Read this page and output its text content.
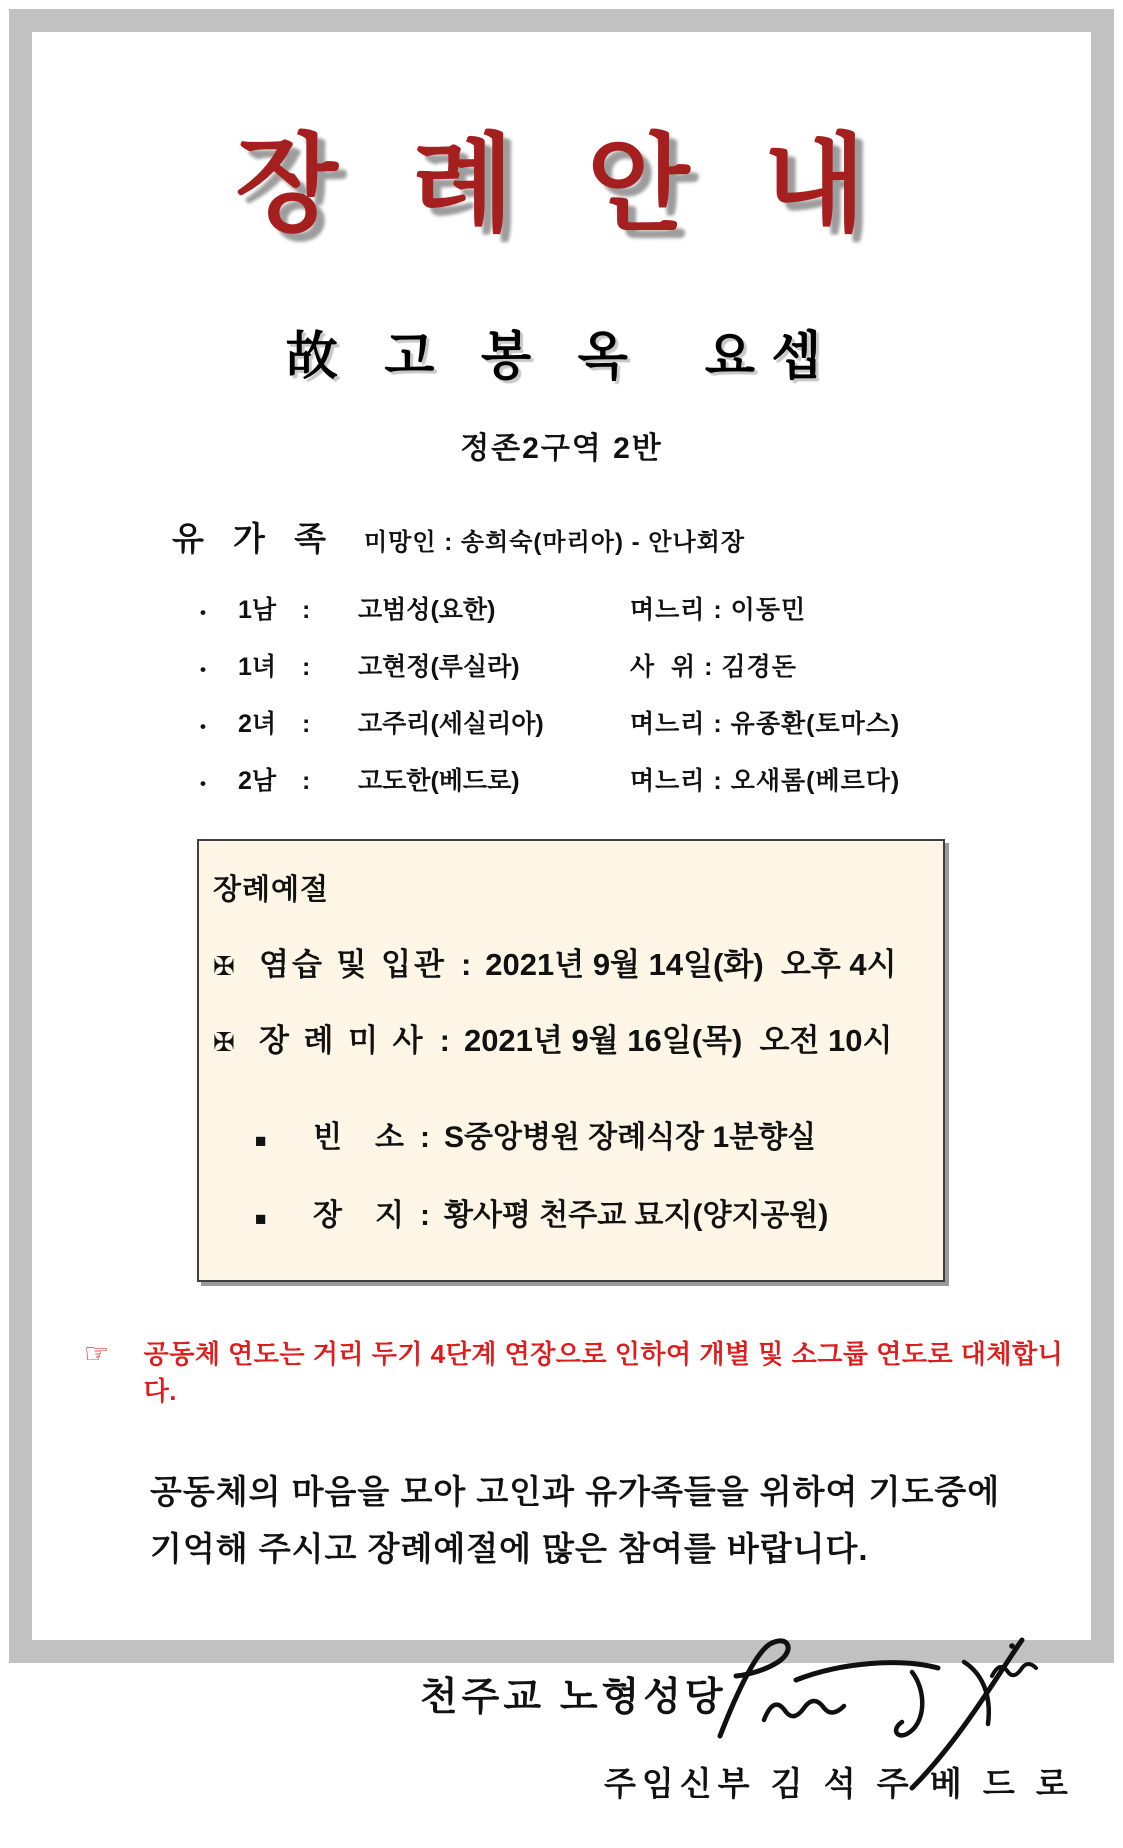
장 례 안 내
故 고 봉 옥  요셉
정존2구역 2반
유 가 족 미망인 : 송희숙(마리아) - 안나회장
•	1남	:	고범성(요한)	며느리 : 이동민
•	1녀	:	고현정(루실라)	사  위 : 김경돈
•	2녀	:	고주리(세실리아)	며느리 : 유종환(토마스)
•	2남	:	고도한(베드로)	며느리 : 오새롬(베르다)
장례예절
✠ 염습 및 입관 : 2021년 9월 14일(화)  오후 4시
✠ 장 례 미 사 : 2021년 9월 16일(목)  오전 10시
■	빈   소 : S중앙병원 장례식장 1분향실
■	장   지 : 황사평 천주교 묘지(양지공원)
☞ 공동체 연도는 거리 두기 4단계 연장으로 인하여 개별 및 소그룹 연도로 대체합니다.
공동체의 마음을 모아 고인과 유가족들을 위하여 기도중에
기억해 주시고 장례예절에 많은 참여를 바랍니다.
천주교 노형성당
주임신부 김 석 주 베 드 로
